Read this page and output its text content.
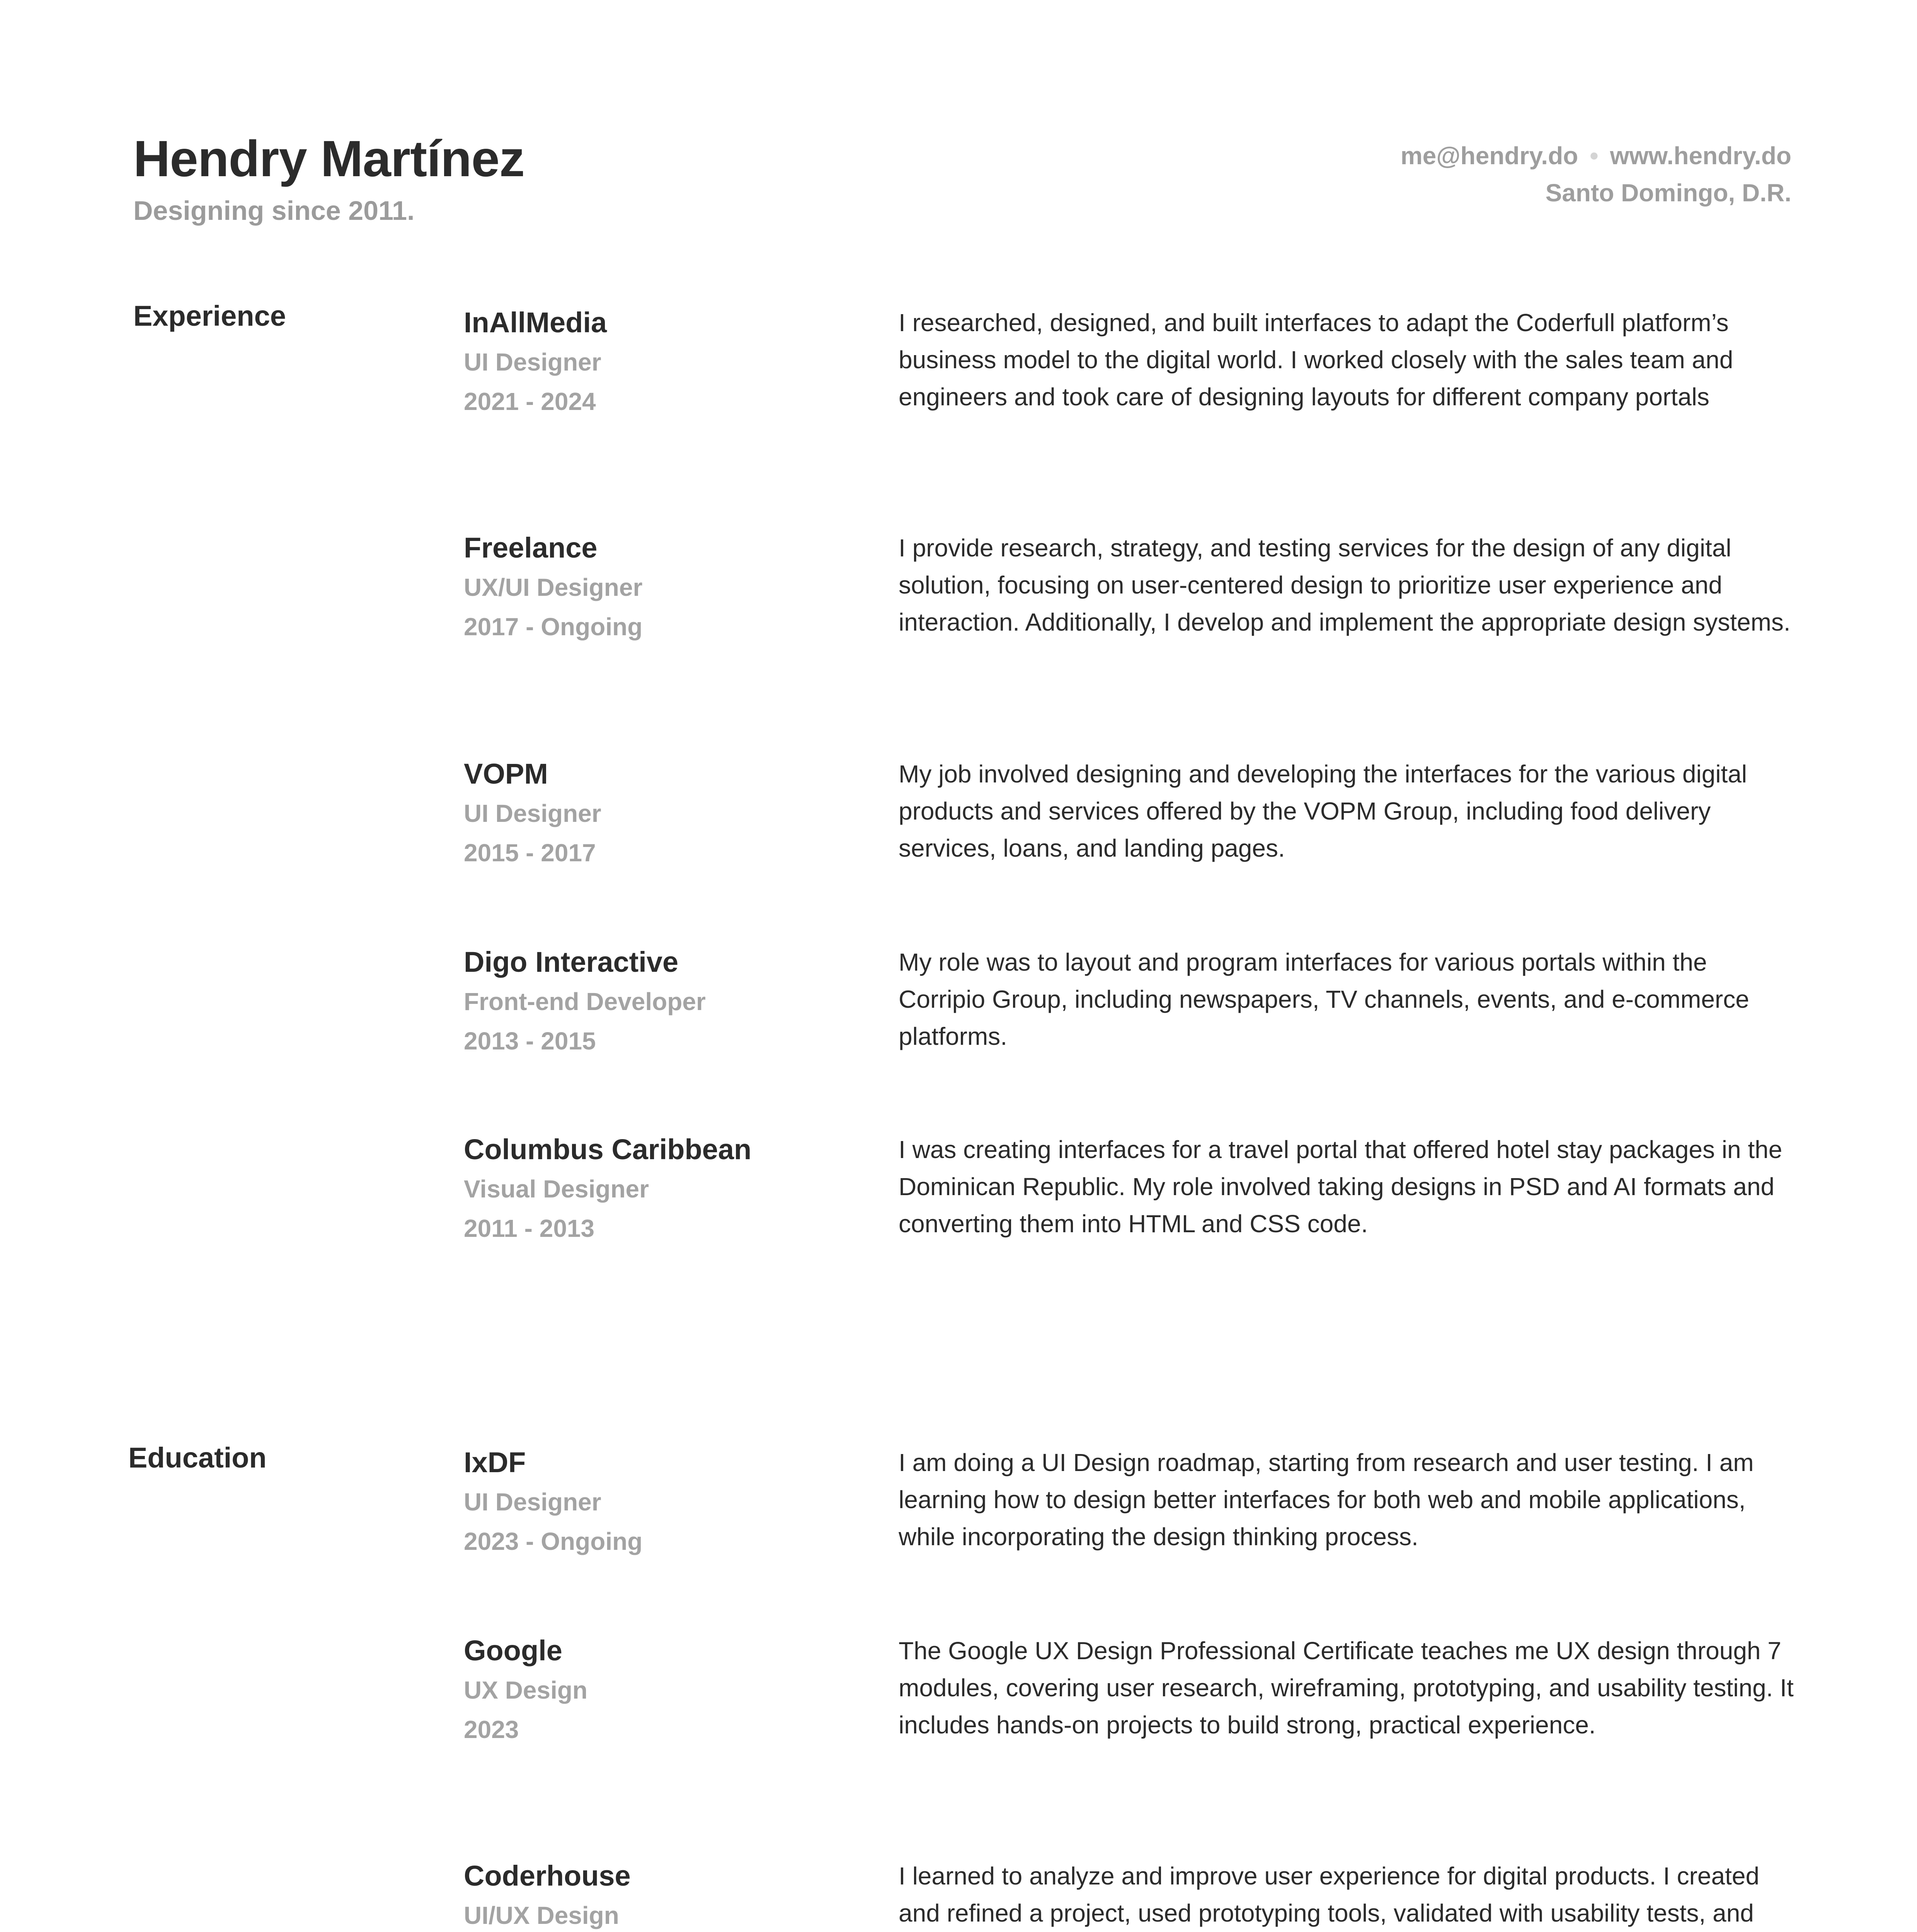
Hendry Martínez
Designing since 2011.
me@hendry.do • www.hendry.do
Santo Domingo, D.R.
Experience
Education
InAllMedia
UI Designer
2021 - 2024
I researched, designed, and built interfaces to adapt the Coderfull platform’s business model to the digital world. I worked closely with the sales team and engineers and took care of designing layouts for different company portals
Freelance
UX/UI Designer
2017 - Ongoing
I provide research, strategy, and testing services for the design of any digital solution, focusing on user-centered design to prioritize user experience and interaction. Additionally, I develop and implement the appropriate design systems.
VOPM
UI Designer
2015 - 2017
My job involved designing and developing the interfaces for the various digital products and services offered by the VOPM Group, including food delivery services, loans, and landing pages.
Digo Interactive
Front-end Developer
2013 - 2015
My role was to layout and program interfaces for various portals within the Corripio Group, including newspapers, TV channels, events, and e-commerce platforms.
Columbus Caribbean
Visual Designer
2011 - 2013
I was creating interfaces for a travel portal that offered hotel stay packages in the Dominican Republic. My role involved taking designs in PSD and AI formats and converting them into HTML and CSS code.
IxDF
UI Designer
2023 - Ongoing
I am doing a UI Design roadmap, starting from research and user testing. I am learning how to design better interfaces for both web and mobile applications, while incorporating the design thinking process.
Google
UX Design
2023
The Google UX Design Professional Certificate teaches me UX design through 7 modules, covering user research, wireframing, prototyping, and usability testing. It includes hands-on projects to build strong, practical experience.
Coderhouse
UI/UX Design
I learned to analyze and improve user experience for digital products. I created and refined a project, used prototyping tools, validated with usability tests, and
